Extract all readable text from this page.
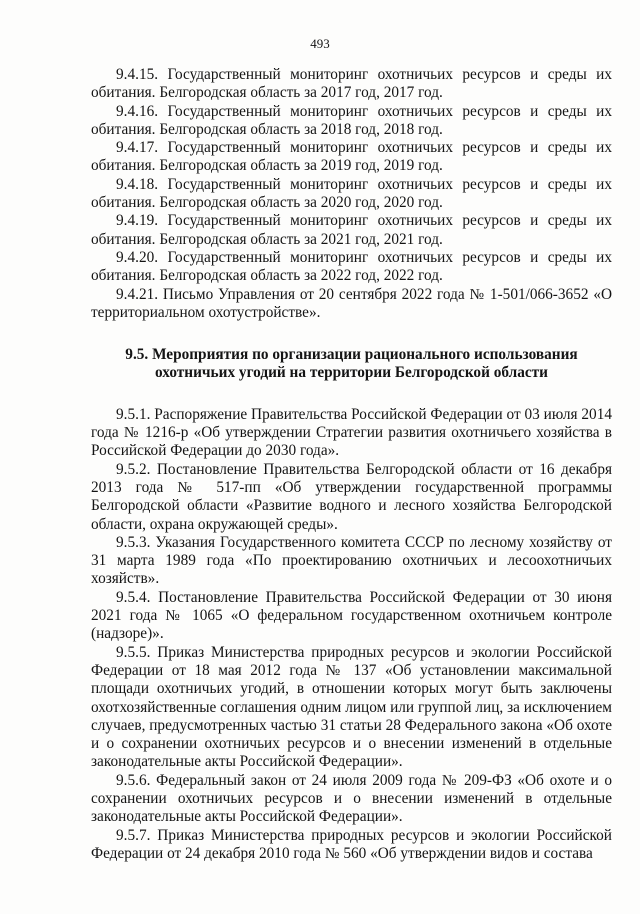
493

9.4.15. Государственный мониторинг охотничьих ресурсов и среды их обитания. Белгородская область за 2017 год, 2017 год.

9.4.16. Государственный мониторинг охотничьих ресурсов и среды их обитания. Белгородская область за 2018 год, 2018 год.

9.4.17. Государственный мониторинг охотничьих ресурсов и среды их обитания. Белгородская область за 2019 год, 2019 год.

9.4.18. Государственный мониторинг охотничьих ресурсов и среды их обитания. Белгородская область за 2020 год, 2020 год.

9.4.19. Государственный мониторинг охотничьих ресурсов и среды их обитания. Белгородская область за 2021 год, 2021 год.

9.4.20. Государственный мониторинг охотничьих ресурсов и среды их обитания. Белгородская область за 2022 год, 2022 год.

9.4.21. Письмо Управления от 20 сентября 2022 года № 1-501/066-3652 «О территориальном охотустройстве».

9.5. Мероприятия по организации рационального использования
охотничьих угодий на территории Белгородской области

9.5.1. Распоряжение Правительства Российской Федерации от 03 июля 2014 года № 1216-р «Об утверждении Стратегии развития охотничьего хозяйства в Российской Федерации до 2030 года».

9.5.2. Постановление Правительства Белгородской области от 16 декабря 2013 года № 517-пп «Об утверждении государственной программы Белгородской области «Развитие водного и лесного хозяйства Белгородской области, охрана окружающей среды».

9.5.3. Указания Государственного комитета СССР по лесному хозяйству от 31 марта 1989 года «По проектированию охотничьих и лесоохотничьих хозяйств».

9.5.4. Постановление Правительства Российской Федерации от 30 июня 2021 года № 1065 «О федеральном государственном охотничьем контроле (надзоре)».

9.5.5. Приказ Министерства природных ресурсов и экологии Российской Федерации от 18 мая 2012 года № 137 «Об установлении максимальной площади охотничьих угодий, в отношении которых могут быть заключены охотхозяйственные соглашения одним лицом или группой лиц, за исключением случаев, предусмотренных частью 31 статьи 28 Федерального закона «Об охоте и о сохранении охотничьих ресурсов и о внесении изменений в отдельные законодательные акты Российской Федерации».

9.5.6. Федеральный закон от 24 июля 2009 года № 209-ФЗ «Об охоте и о сохранении охотничьих ресурсов и о внесении изменений в отдельные законодательные акты Российской Федерации».

9.5.7. Приказ Министерства природных ресурсов и экологии Российской Федерации от 24 декабря 2010 года № 560 «Об утверждении видов и состава
